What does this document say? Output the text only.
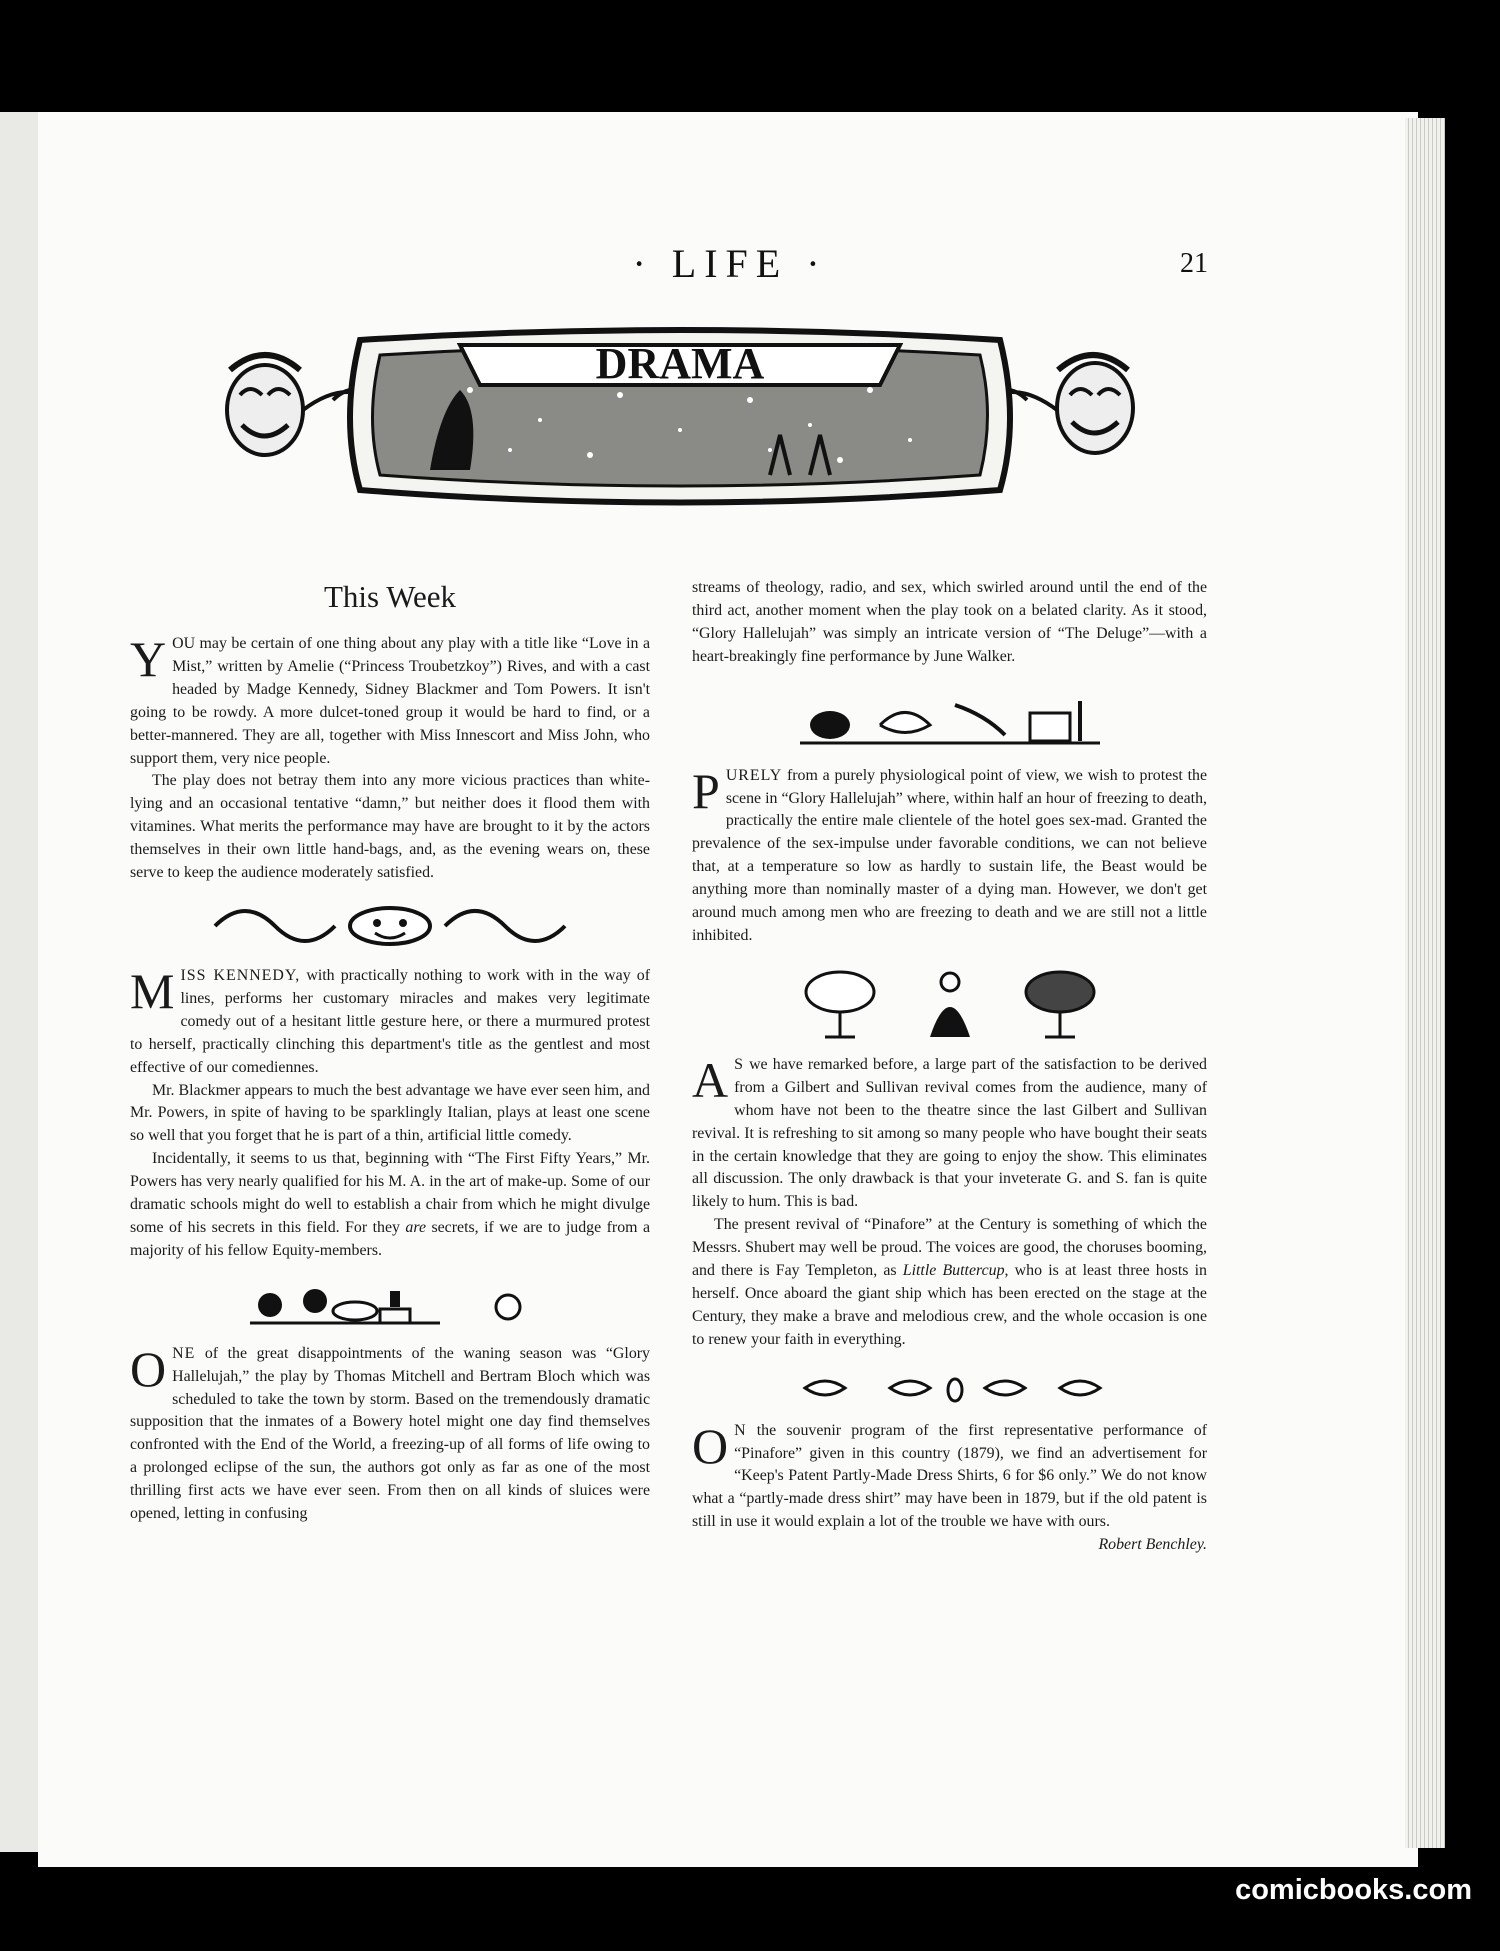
· LIFE ·	21
DRAMA
This Week

YOU may be certain of one thing about any play with a title like “Love in a Mist,” written by Amelie (“Princess Troubetzkoy”) Rives, and with a cast headed by Madge Kennedy, Sidney Blackmer and Tom Powers. It isn't going to be rowdy. A more dulcet-toned group it would be hard to find, or a better-mannered. They are all, together with Miss Innescort and Miss John, who support them, very nice people.

The play does not betray them into any more vicious practices than white-lying and an occasional tentative “damn,” but neither does it flood them with vitamines. What merits the performance may have are brought to it by the actors themselves in their own little hand-bags, and, as the evening wears on, these serve to keep the audience moderately satisfied.

MISS KENNEDY, with practically nothing to work with in the way of lines, performs her customary miracles and makes very legitimate comedy out of a hesitant little gesture here, or there a murmured protest to herself, practically clinching this department's title as the gentlest and most effective of our comediennes.

Mr. Blackmer appears to much the best advantage we have ever seen him, and Mr. Powers, in spite of having to be sparklingly Italian, plays at least one scene so well that you forget that he is part of a thin, artificial little comedy.

Incidentally, it seems to us that, beginning with “The First Fifty Years,” Mr. Powers has very nearly qualified for his M. A. in the art of make-up. Some of our dramatic schools might do well to establish a chair from which he might divulge some of his secrets in this field. For they are secrets, if we are to judge from a majority of his fellow Equity-members.

ONE of the great disappointments of the waning season was “Glory Hallelujah,” the play by Thomas Mitchell and Bertram Bloch which was scheduled to take the town by storm. Based on the tremendously dramatic supposition that the inmates of a Bowery hotel might one day find themselves confronted with the End of the World, a freezing-up of all forms of life owing to a prolonged eclipse of the sun, the authors got only as far as one of the most thrilling first acts we have ever seen. From then on all kinds of sluices were opened, letting in confusing

streams of theology, radio, and sex, which swirled around until the end of the third act, another moment when the play took on a belated clarity. As it stood, “Glory Hallelujah” was simply an intricate version of “The Deluge”—with a heart-breakingly fine performance by June Walker.

PURELY from a purely physiological point of view, we wish to protest the scene in “Glory Hallelujah” where, within half an hour of freezing to death, practically the entire male clientele of the hotel goes sex-mad. Granted the prevalence of the sex-impulse under favorable conditions, we can not believe that, at a temperature so low as hardly to sustain life, the Beast would be anything more than nominally master of a dying man. However, we don't get around much among men who are freezing to death and we are still not a little inhibited.

A S we have remarked before, a large part of the satisfaction to be derived from a Gilbert and Sullivan revival comes from the audience, many of whom have not been to the theatre since the last Gilbert and Sullivan revival. It is refreshing to sit among so many people who have bought their seats in the certain knowledge that they are going to enjoy the show. This eliminates all discussion. The only drawback is that your inveterate G. and S. fan is quite likely to hum. This is bad.

The present revival of “Pinafore” at the Century is something of which the Messrs. Shubert may well be proud. The voices are good, the choruses booming, and there is Fay Templeton, as Little Buttercup, who is at least three hosts in herself. Once aboard the giant ship which has been erected on the stage at the Century, they make a brave and melodious crew, and the whole occasion is one to renew your faith in everything.

O N the souvenir program of the first representative performance of “Pinafore” given in this country (1879), we find an advertisement for “Keep's Patent Partly-Made Dress Shirts, 6 for $6 only.” We do not know what a “partly-made dress shirt” may have been in 1879, but if the old patent is still in use it would explain a lot of the trouble we have with ours.
Robert Benchley.

comicbooks.com
